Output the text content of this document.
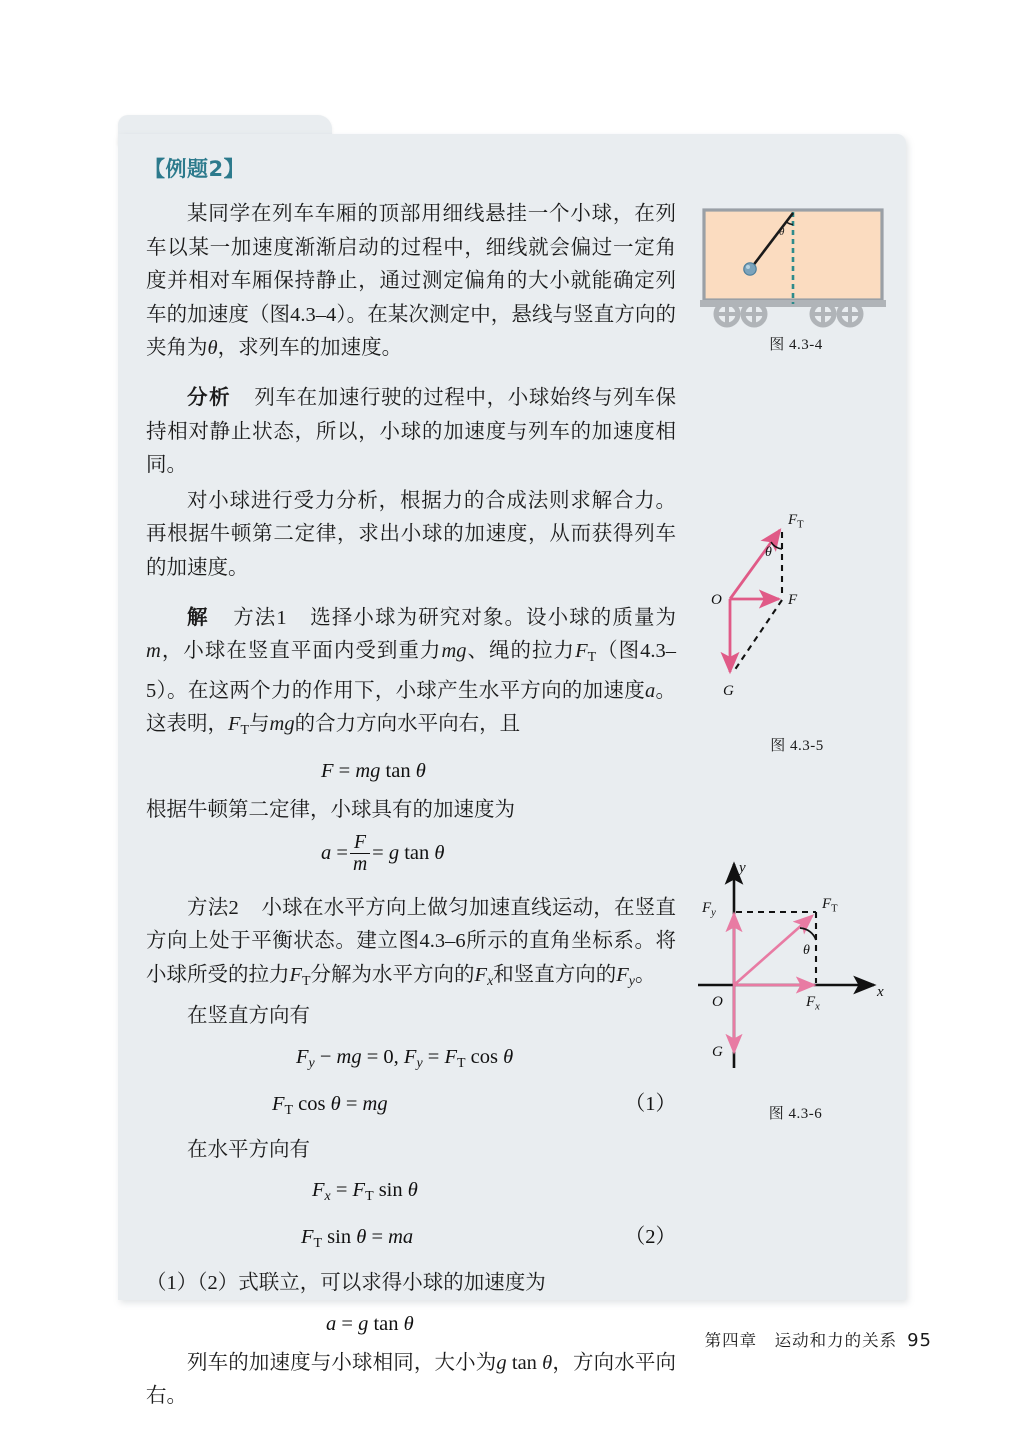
【例题2】

某同学在列车车厢的顶部用细线悬挂一个小球，在列车以某一加速度渐渐启动的过程中，细线就会偏过一定角度并相对车厢保持静止，通过测定偏角的大小就能确定列车的加速度（图4.3–4）。在某次测定中，悬线与竖直方向的夹角为θ，求列车的加速度。

分析 列车在加速行驶的过程中，小球始终与列车保持相对静止状态，所以，小球的加速度与列车的加速度相同。

对小球进行受力分析，根据力的合成法则求解合力。再根据牛顿第二定律，求出小球的加速度，从而获得列车的加速度。

解 方法1 选择小球为研究对象。设小球的质量为m，小球在竖直平面内受到重力mg、绳的拉力$F_T$（图4.3–5）。在这两个力的作用下，小球产生水平方向的加速度a。这表明，$F_T$与mg的合力方向水平向右，且

F = mg tan θ

根据牛顿第二定律，小球具有的加速度为

$a = \frac{F}{m} = g$ tan θ

方法2 小球在水平方向上做匀加速直线运动，在竖直方向上处于平衡状态。建立图4.3–6所示的直角坐标系。将小球所受的拉力$F_T$分解为水平方向的$F_x$和竖直方向的$F_y$。

在竖直方向有

$F_y$ − mg = 0, $F_y = F_T$ cos θ
$F_T$ cos θ = mg	（1）

在水平方向有

$F_x = F_T$ sin θ
$F_T$ sin θ = ma	（2）

（1）（2）式联立，可以求得小球的加速度为

a = g tan θ

列车的加速度与小球相同，大小为g tan θ，方向水平向右。

θ
图 4.3-4
$F_T$
θ
O	F
G
图 4.3-5
y
x
O
$F_y$
$F_T$
$F_x$
θ
G
图 4.3-6
第四章　运动和力的关系 95
